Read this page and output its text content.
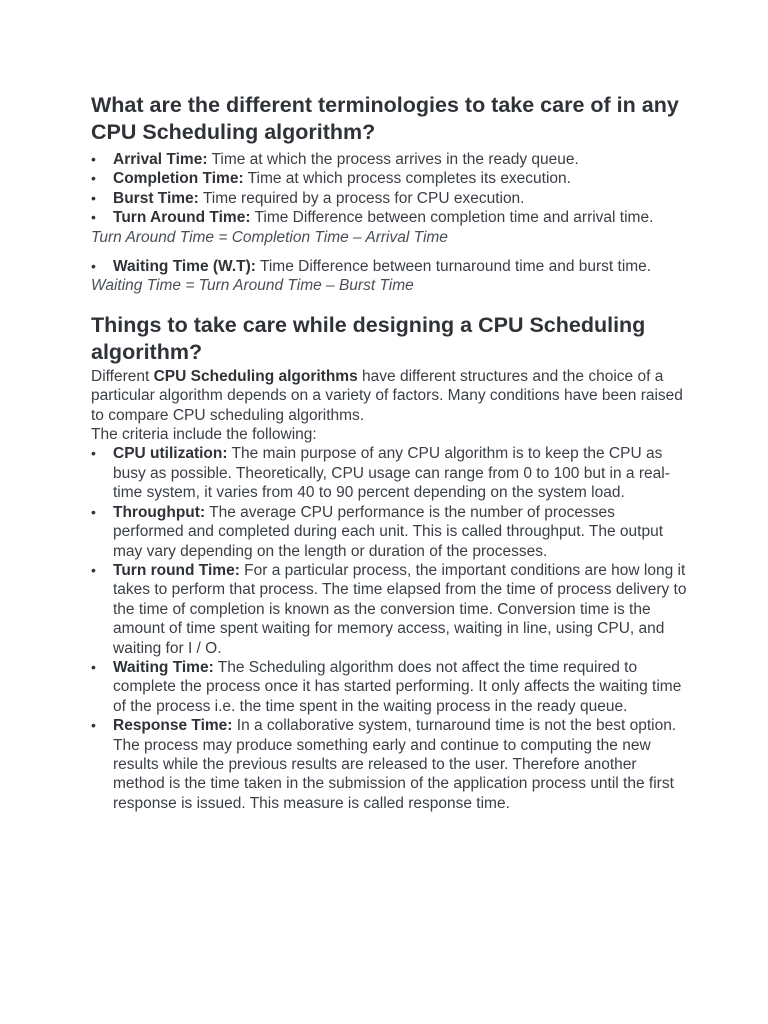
What are the different terminologies to take care of in any CPU Scheduling algorithm?
• Arrival Time: Time at which the process arrives in the ready queue.
• Completion Time: Time at which process completes its execution.
• Burst Time: Time required by a process for CPU execution.
• Turn Around Time: Time Difference between completion time and arrival time.

Turn Around Time = Completion Time – Arrival Time

• Waiting Time (W.T): Time Difference between turnaround time and burst time.

Waiting Time = Turn Around Time – Burst Time

Things to take care while designing a CPU Scheduling algorithm?

Different CPU Scheduling algorithms have different structures and the choice of a particular algorithm depends on a variety of factors. Many conditions have been raised to compare CPU scheduling algorithms.

The criteria include the following:

• CPU utilization: The main purpose of any CPU algorithm is to keep the CPU as busy as possible. Theoretically, CPU usage can range from 0 to 100 but in a real-time system, it varies from 40 to 90 percent depending on the system load.
• Throughput: The average CPU performance is the number of processes performed and completed during each unit. This is called throughput. The output may vary depending on the length or duration of the processes.
• Turn round Time: For a particular process, the important conditions are how long it takes to perform that process. The time elapsed from the time of process delivery to the time of completion is known as the conversion time. Conversion time is the amount of time spent waiting for memory access, waiting in line, using CPU, and waiting for I / O.
• Waiting Time: The Scheduling algorithm does not affect the time required to complete the process once it has started performing. It only affects the waiting time of the process i.e. the time spent in the waiting process in the ready queue.
• Response Time: In a collaborative system, turnaround time is not the best option. The process may produce something early and continue to computing the new results while the previous results are released to the user. Therefore another method is the time taken in the submission of the application process until the first response is issued. This measure is called response time.
